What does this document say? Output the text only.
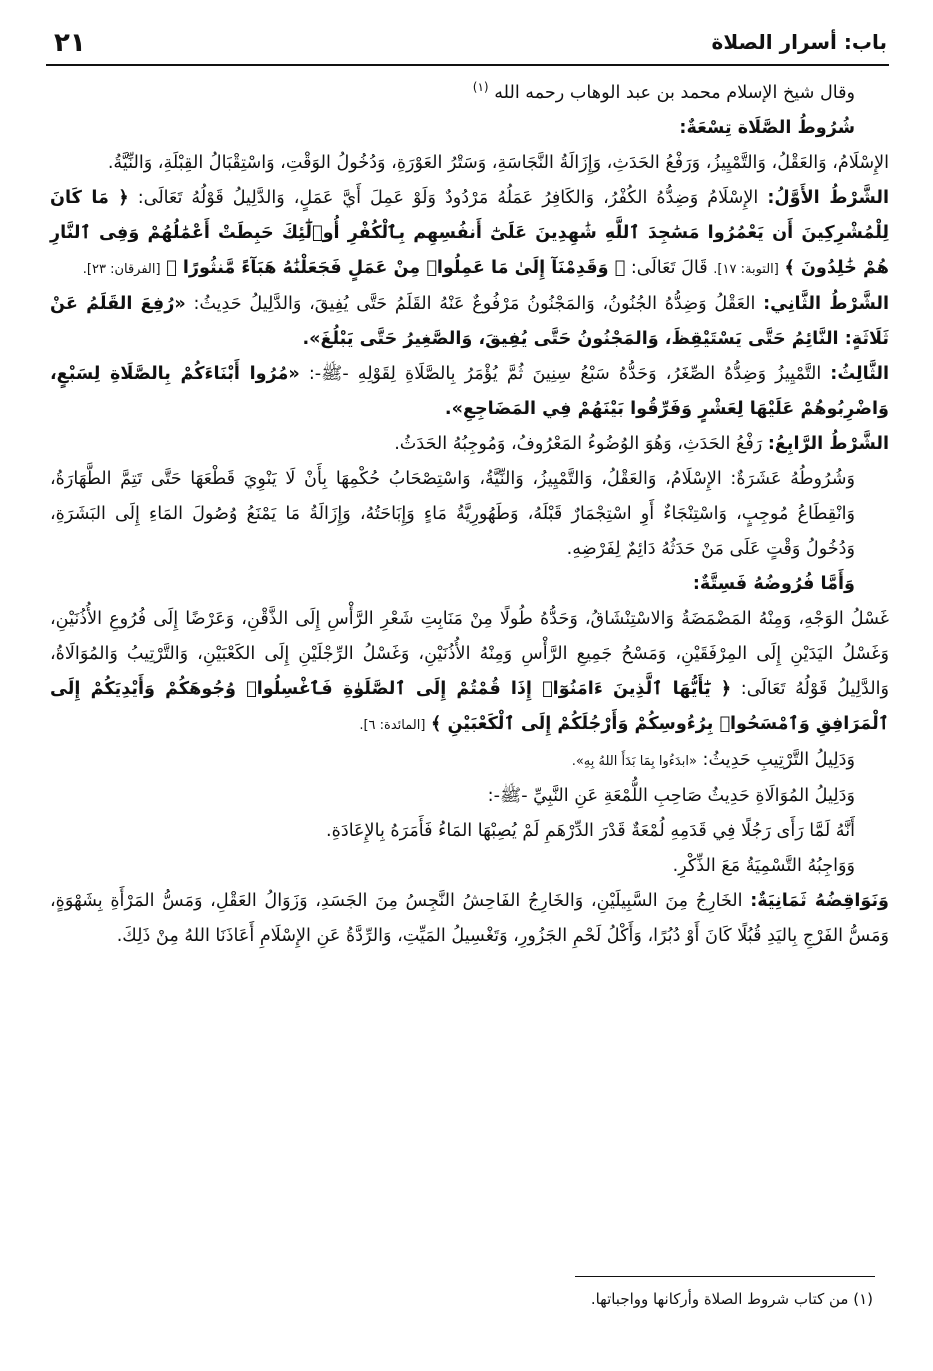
باب: أسرار الصلاة
٢١

وقال شيخ الإسلام محمد بن عبد الوهاب رحمه الله $^{(١)}$

شُرُوطُ الصَّلَاة تِسْعَةٌ:

الإِسْلَامُ، وَالعَقْلُ، وَالتَّمْيِيزُ، وَرَفْعُ الحَدَثِ، وَإِزَالَةُ النَّجَاسَةِ، وَسَتْرُ العَوْرَةِ، وَدُخُولُ الوَقْتِ، وَاسْتِقْبَالُ القِبْلَةِ، وَالنِّيَّةُ.

الشَّرْطُ الأَوَّلُ: الإِسْلَامُ وَضِدُّهُ الكُفْرُ، وَالكَافِرُ عَمَلُهُ مَرْدُودٌ وَلَوْ عَمِلَ أَيَّ عَمَلٍ، وَالدَّلِيلُ قَوْلُهُ تَعَالَى: ﴿ مَا كَانَ لِلْمُشْرِكِينَ أَن يَعْمُرُوا مَسَٰجِدَ ٱللَّهِ شَٰهِدِينَ عَلَىٰٓ أَنفُسِهِم بِٱلْكُفْرِ أُو۟لَٰٓئِكَ حَبِطَتْ أَعْمَٰلُهُمْ وَفِى ٱلنَّارِ هُمْ خَٰلِدُونَ ﴾ [التوبة: ١٧]. قَالَ تَعَالَى: ﴿ وَقَدِمْنَآ إِلَىٰ مَا عَمِلُوا۟ مِنْ عَمَلٍ فَجَعَلْنَٰهُ هَبَآءً مَّنثُورًا ﴾ [الفرقان: ٢٣].

الشَّرْطُ الثَّانِي: العَقْلُ وَضِدُّهُ الجُنُونُ، وَالمَجْنُونُ مَرْفُوعٌ عَنْهُ القَلَمُ حَتَّى يُفِيقَ، وَالدَّلِيلُ حَدِيثُ: «رُفِعَ القَلَمُ عَنْ ثَلَاثَةٍ: النَّائِمُ حَتَّى يَسْتَيْقِظَ، وَالمَجْنُونُ حَتَّى يُفِيقَ، وَالصَّغِيرُ حَتَّى يَبْلُغَ».

الثَّالِثُ: التَّمْيِيزُ وَضِدُّهُ الصِّغَرُ، وَحَدُّهُ سَبْعُ سِنِينَ ثُمَّ يُؤْمَرُ بِالصَّلَاةِ لِقَوْلِهِ -ﷺ-: «مُرُوا أَبْنَاءَكُمْ بِالصَّلَاةِ لِسَبْعٍ، وَاضْرِبُوهُمْ عَلَيْهَا لِعَشْرٍ وَفَرِّقُوا بَيْنَهُمْ فِي المَضَاجِعِ».

الشَّرْطُ الرَّابِعُ: رَفْعُ الحَدَثِ، وَهُوَ الوُضُوءُ المَعْرُوفُ، وَمُوجِبُهُ الحَدَثُ.

وَشُرُوطُهُ عَشَرَةٌ: الإِسْلَامُ، وَالعَقْلُ، وَالتَّمْيِيزُ، وَالنِّيَّةُ، وَاسْتِصْحَابُ حُكْمِهَا بِأَنْ لَا يَنْوِيَ قَطْعَهَا حَتَّى تَتِمَّ الطَّهَارَةُ، وَانْقِطَاعُ مُوجِبٍ، وَاسْتِنْجَاءٌ أَوِ اسْتِجْمَارٌ قَبْلَهُ، وَطَهُورِيَّةُ مَاءٍ وَإِبَاحَتُهُ، وَإِزَالَةُ مَا يَمْنَعُ وُصُولَ المَاءِ إِلَى البَشَرَةِ، وَدُخُولُ وَقْتٍ عَلَى مَنْ حَدَثُهُ دَائِمٌ لِفَرْضِهِ.

وَأَمَّا فُرُوضُهُ فَسِتَّةٌ:

غَسْلُ الوَجْهِ، وَمِنْهُ المَضْمَضَةُ وَالاسْتِنْشَاقُ، وَحَدُّهُ طُولًا مِنْ مَنَابِتِ شَعْرِ الرَّأْسِ إِلَى الذَّقْنِ، وَعَرْضًا إِلَى فُرُوعِ الأُذُنَيْنِ، وَغَسْلُ اليَدَيْنِ إِلَى المِرْفَقَيْنِ، وَمَسْحُ جَمِيعِ الرَّأْسِ وَمِنْهُ الأُذُنَيْنِ، وَغَسْلُ الرِّجْلَيْنِ إِلَى الكَعْبَيْنِ، وَالتَّرْتِيبُ وَالمُوَالَاةُ، وَالدَّلِيلُ قَوْلُهُ تَعَالَى: ﴿ يَٰٓأَيُّهَا ٱلَّذِينَ ءَامَنُوٓا۟ إِذَا قُمْتُمْ إِلَى ٱلصَّلَوٰةِ فَٱغْسِلُوا۟ وُجُوهَكُمْ وَأَيْدِيَكُمْ إِلَى ٱلْمَرَافِقِ وَٱمْسَحُوا۟ بِرُءُوسِكُمْ وَأَرْجُلَكُمْ إِلَى ٱلْكَعْبَيْنِ ﴾ [المائدة: ٦].

وَدَلِيلُ التَّرْتِيبِ حَدِيثُ: «ابدَءُوا بِمَا بَدَأَ اللهُ بِهِ».

وَدَلِيلُ المُوَالَاةِ حَدِيثُ صَاحِبِ اللُّمْعَةِ عَنِ النَّبِيِّ -ﷺ-:

أَنَّهُ لَمَّا رَأَى رَجُلًا فِي قَدَمِهِ لُمْعَةٌ قَدْرَ الدِّرْهَمِ لَمْ يُصِبْهَا المَاءُ فَأَمَرَهُ بِالإِعَادَةِ.

وَوَاجِبُهُ التَّسْمِيَةُ مَعَ الذِّكْرِ.

وَنَوَاقِضُهُ ثَمَانِيَةٌ: الخَارِجُ مِنَ السَّبِيلَيْنِ، وَالخَارِجُ الفَاحِشُ النَّجِسُ مِنَ الجَسَدِ، وَزَوَالُ العَقْلِ، وَمَسُّ المَرْأَةِ بِشَهْوَةٍ، وَمَسُّ الفَرْجِ بِاليَدِ قُبُلًا كَانَ أَوْ دُبُرًا، وَأَكْلُ لَحْمِ الجَزُورِ، وَتَغْسِيلُ المَيِّتِ، وَالرِّدَّةُ عَنِ الإِسْلَامِ أَعَاذَنَا اللهُ مِنْ ذَلِكَ.

(١) من كتاب شروط الصلاة وأركانها وواجباتها.
